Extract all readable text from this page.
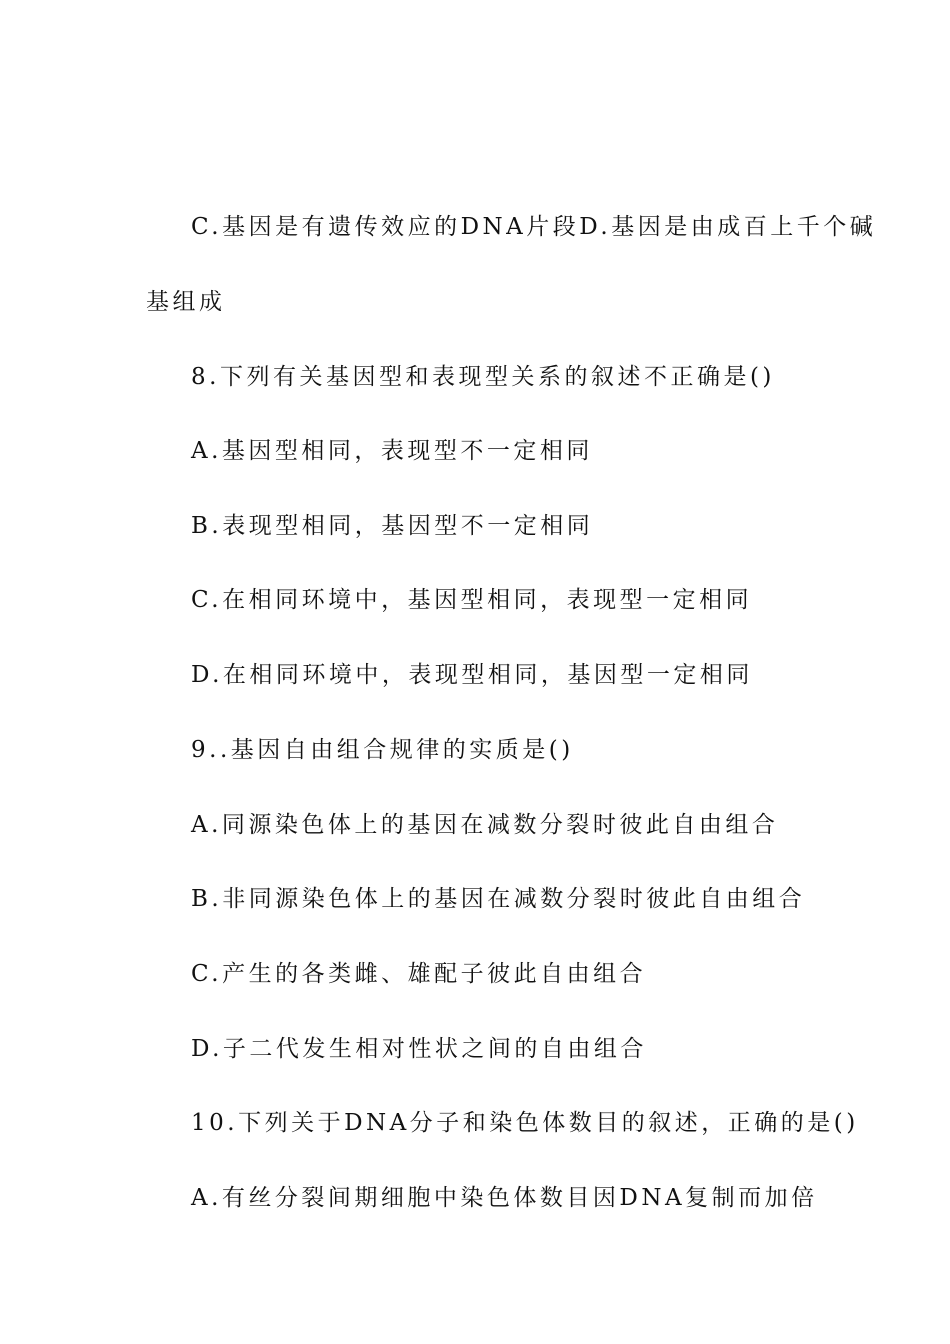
C.基因是有遗传效应的DNA片段D.基因是由成百上千个碱
基组成
8.下列有关基因型和表现型关系的叙述不正确是()
A.基因型相同，表现型不一定相同
B.表现型相同，基因型不一定相同
C.在相同环境中，基因型相同，表现型一定相同
D.在相同环境中，表现型相同，基因型一定相同
9..基因自由组合规律的实质是()
A.同源染色体上的基因在减数分裂时彼此自由组合
B.非同源染色体上的基因在减数分裂时彼此自由组合
C.产生的各类雌、雄配子彼此自由组合
D.子二代发生相对性状之间的自由组合
10.下列关于DNA分子和染色体数目的叙述，正确的是()
A.有丝分裂间期细胞中染色体数目因DNA复制而加倍
